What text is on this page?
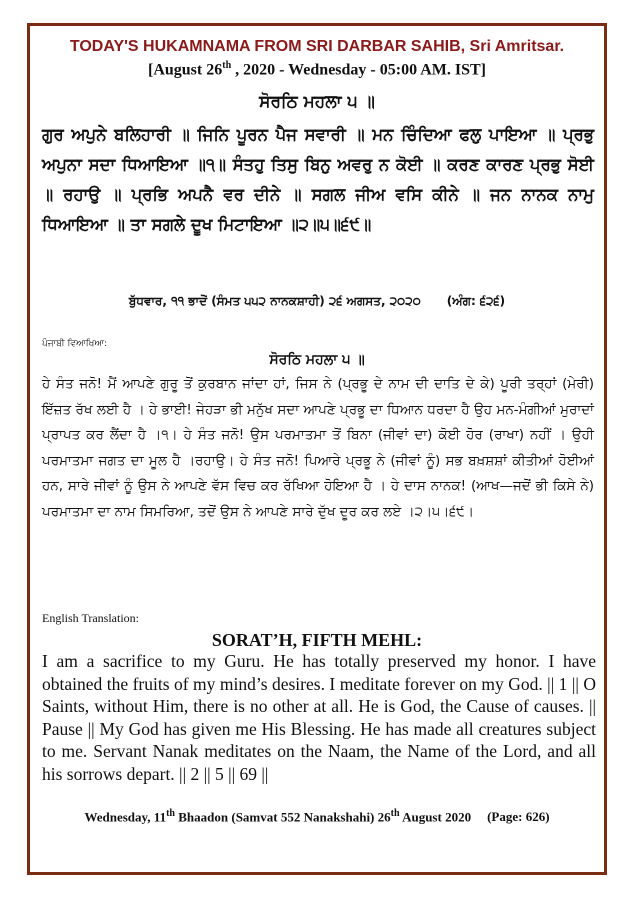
TODAY'S HUKAMNAMA FROM SRI DARBAR SAHIB, Sri Amritsar.
[August 26th , 2020 - Wednesday - 05:00 AM. IST]
ਸੋਰਠਿ ਮਹਲਾ ੫ ॥
ਗੁਰ ਅਪੁਨੇ ਬਲਿਹਾਰੀ ॥ ਜਿਨਿ ਪੂਰਨ ਪੈਜ ਸਵਾਰੀ ॥ ਮਨ ਚਿੰਦਿਆ ਫਲੁ ਪਾਇਆ ॥ ਪ੍ਰਭੁ ਅਪੁਨਾ ਸਦਾ ਧਿਆਇਆ ॥੧॥ ਸੰਤਹੁ ਤਿਸੁ ਬਿਨੁ ਅਵਰੁ ਨ ਕੋਈ ॥ ਕਰਣ ਕਾਰਣ ਪ੍ਰਭੁ ਸੋਈ ॥ ਰਹਾਉ ॥ ਪ੍ਰਭਿ ਅਪਨੈ ਵਰ ਦੀਨੇ ॥ ਸਗਲ ਜੀਅ ਵਸਿ ਕੀਨੇ ॥ ਜਨ ਨਾਨਕ ਨਾਮੁ ਧਿਆਇਆ ॥ ਤਾ ਸਗਲੇ ਦੂਖ ਮਿਟਾਇਆ ॥੨॥੫॥੬੯॥
ਬੁੱਧਵਾਰ, ੧੧ ਭਾਦੋਂ (ਸੰਮਤ ੫੫੨ ਨਾਨਕਸ਼ਾਹੀ) ੨੬ ਅਗਸਤ, ੨੦੨੦ (ਅੰਗ: ੬੨੬)
ਪੰਜਾਬੀ ਵਿਆਖਿਆ:
ਸੋਰਠਿ ਮਹਲਾ ੫ ॥
ਹੇ ਸੰਤ ਜਨੋ! ਮੈਂ ਆਪਣੇ ਗੁਰੂ ਤੋਂ ਕੁਰਬਾਨ ਜਾਂਦਾ ਹਾਂ, ਜਿਸ ਨੇ (ਪ੍ਰਭੂ ਦੇ ਨਾਮ ਦੀ ਦਾਤਿ ਦੇ ਕੇ) ਪੂਰੀ ਤਰ੍ਹਾਂ (ਮੇਰੀ) ਇੱਜ਼ਤ ਰੱਖ ਲਈ ਹੈ । ਹੇ ਭਾਈ! ਜੇਹੜਾ ਭੀ ਮਨੁੱਖ ਸਦਾ ਆਪਣੇ ਪ੍ਰਭੂ ਦਾ ਧਿਆਨ ਧਰਦਾ ਹੈ ਉਹ ਮਨ-ਮੰਗੀਆਂ ਮੁਰਾਦਾਂ ਪ੍ਰਾਪਤ ਕਰ ਲੈਂਦਾ ਹੈ ।੧। ਹੇ ਸੰਤ ਜਨੋ! ਉਸ ਪਰਮਾਤਮਾ ਤੋਂ ਬਿਨਾ (ਜੀਵਾਂ ਦਾ) ਕੋਈ ਹੋਰ (ਰਾਖਾ) ਨਹੀਂ । ਉਹੀ ਪਰਮਾਤਮਾ ਜਗਤ ਦਾ ਮੂਲ ਹੈ ।ਰਹਾਉ। ਹੇ ਸੰਤ ਜਨੋ! ਪਿਆਰੇ ਪ੍ਰਭੂ ਨੇ (ਜੀਵਾਂ ਨੂੰ) ਸਭ ਬਖ਼ਸ਼ਸ਼ਾਂ ਕੀਤੀਆਂ ਹੋਈਆਂ ਹਨ, ਸਾਰੇ ਜੀਵਾਂ ਨੂੰ ਉਸ ਨੇ ਆਪਣੇ ਵੱਸ ਵਿਚ ਕਰ ਰੱਖਿਆ ਹੋਇਆ ਹੈ । ਹੇ ਦਾਸ ਨਾਨਕ! (ਆਖ—ਜਦੋਂ ਭੀ ਕਿਸੇ ਨੇ) ਪਰਮਾਤਮਾ ਦਾ ਨਾਮ ਸਿਮਰਿਆ, ਤਦੋਂ ਉਸ ਨੇ ਆਪਣੇ ਸਾਰੇ ਦੁੱਖ ਦੂਰ ਕਰ ਲਏ ।੨।੫।੬੯।
English Translation:
SORAT’H, FIFTH MEHL:
I am a sacrifice to my Guru. He has totally preserved my honor. I have obtained the fruits of my mind’s desires. I meditate forever on my God. || 1 || O Saints, without Him, there is no other at all. He is God, the Cause of causes. || Pause || My God has given me His Blessing. He has made all creatures subject to me. Servant Nanak meditates on the Naam, the Name of the Lord, and all his sorrows depart. || 2 || 5 || 69 ||
Wednesday, 11th Bhaadon (Samvat 552 Nanakshahi) 26th August 2020 (Page: 626)
